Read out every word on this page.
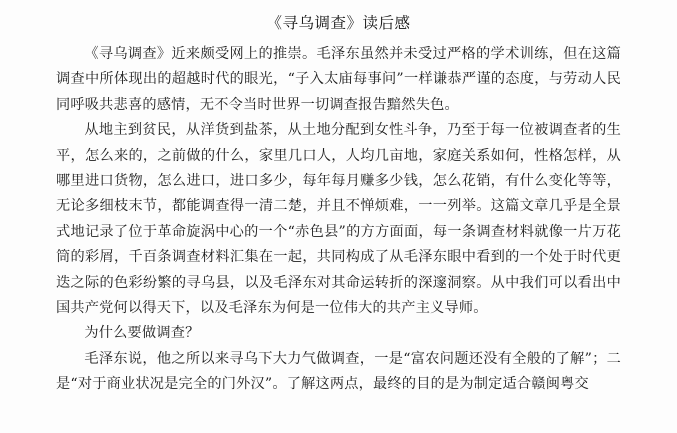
《寻乌调查》读后感

《寻乌调查》近来颇受网上的推崇。毛泽东虽然并未受过严格的学术训练，但在这篇调查中所体现出的超越时代的眼光，“子入太庙每事问”一样谦恭严谨的态度，与劳动人民同呼吸共悲喜的感情，无不令当时世界一切调查报告黯然失色。

从地主到贫民，从洋货到盐茶，从土地分配到女性斗争，乃至于每一位被调查者的生平，怎么来的，之前做的什么，家里几口人，人均几亩地，家庭关系如何，性格怎样，从哪里进口货物，怎么进口，进口多少，每年每月赚多少钱，怎么花销，有什么变化等等，无论多细枝末节，都能调查得一清二楚，并且不惮烦难，一一列举。这篇文章几乎是全景式地记录了位于革命旋涡中心的一个“赤色县”的方方面面，每一条调查材料就像一片万花筒的彩屑，千百条调查材料汇集在一起，共同构成了从毛泽东眼中看到的一个处于时代更迭之际的色彩纷繁的寻乌县，以及毛泽东对其命运转折的深邃洞察。从中我们可以看出中国共产党何以得天下，以及毛泽东为何是一位伟大的共产主义导师。

为什么要做调查？

毛泽东说，他之所以来寻乌下大力气做调查，一是“富农问题还没有全般的了解”；二是“对于商业状况是完全的门外汉”。了解这两点，最终的目的是为制定适合赣闽粤交
